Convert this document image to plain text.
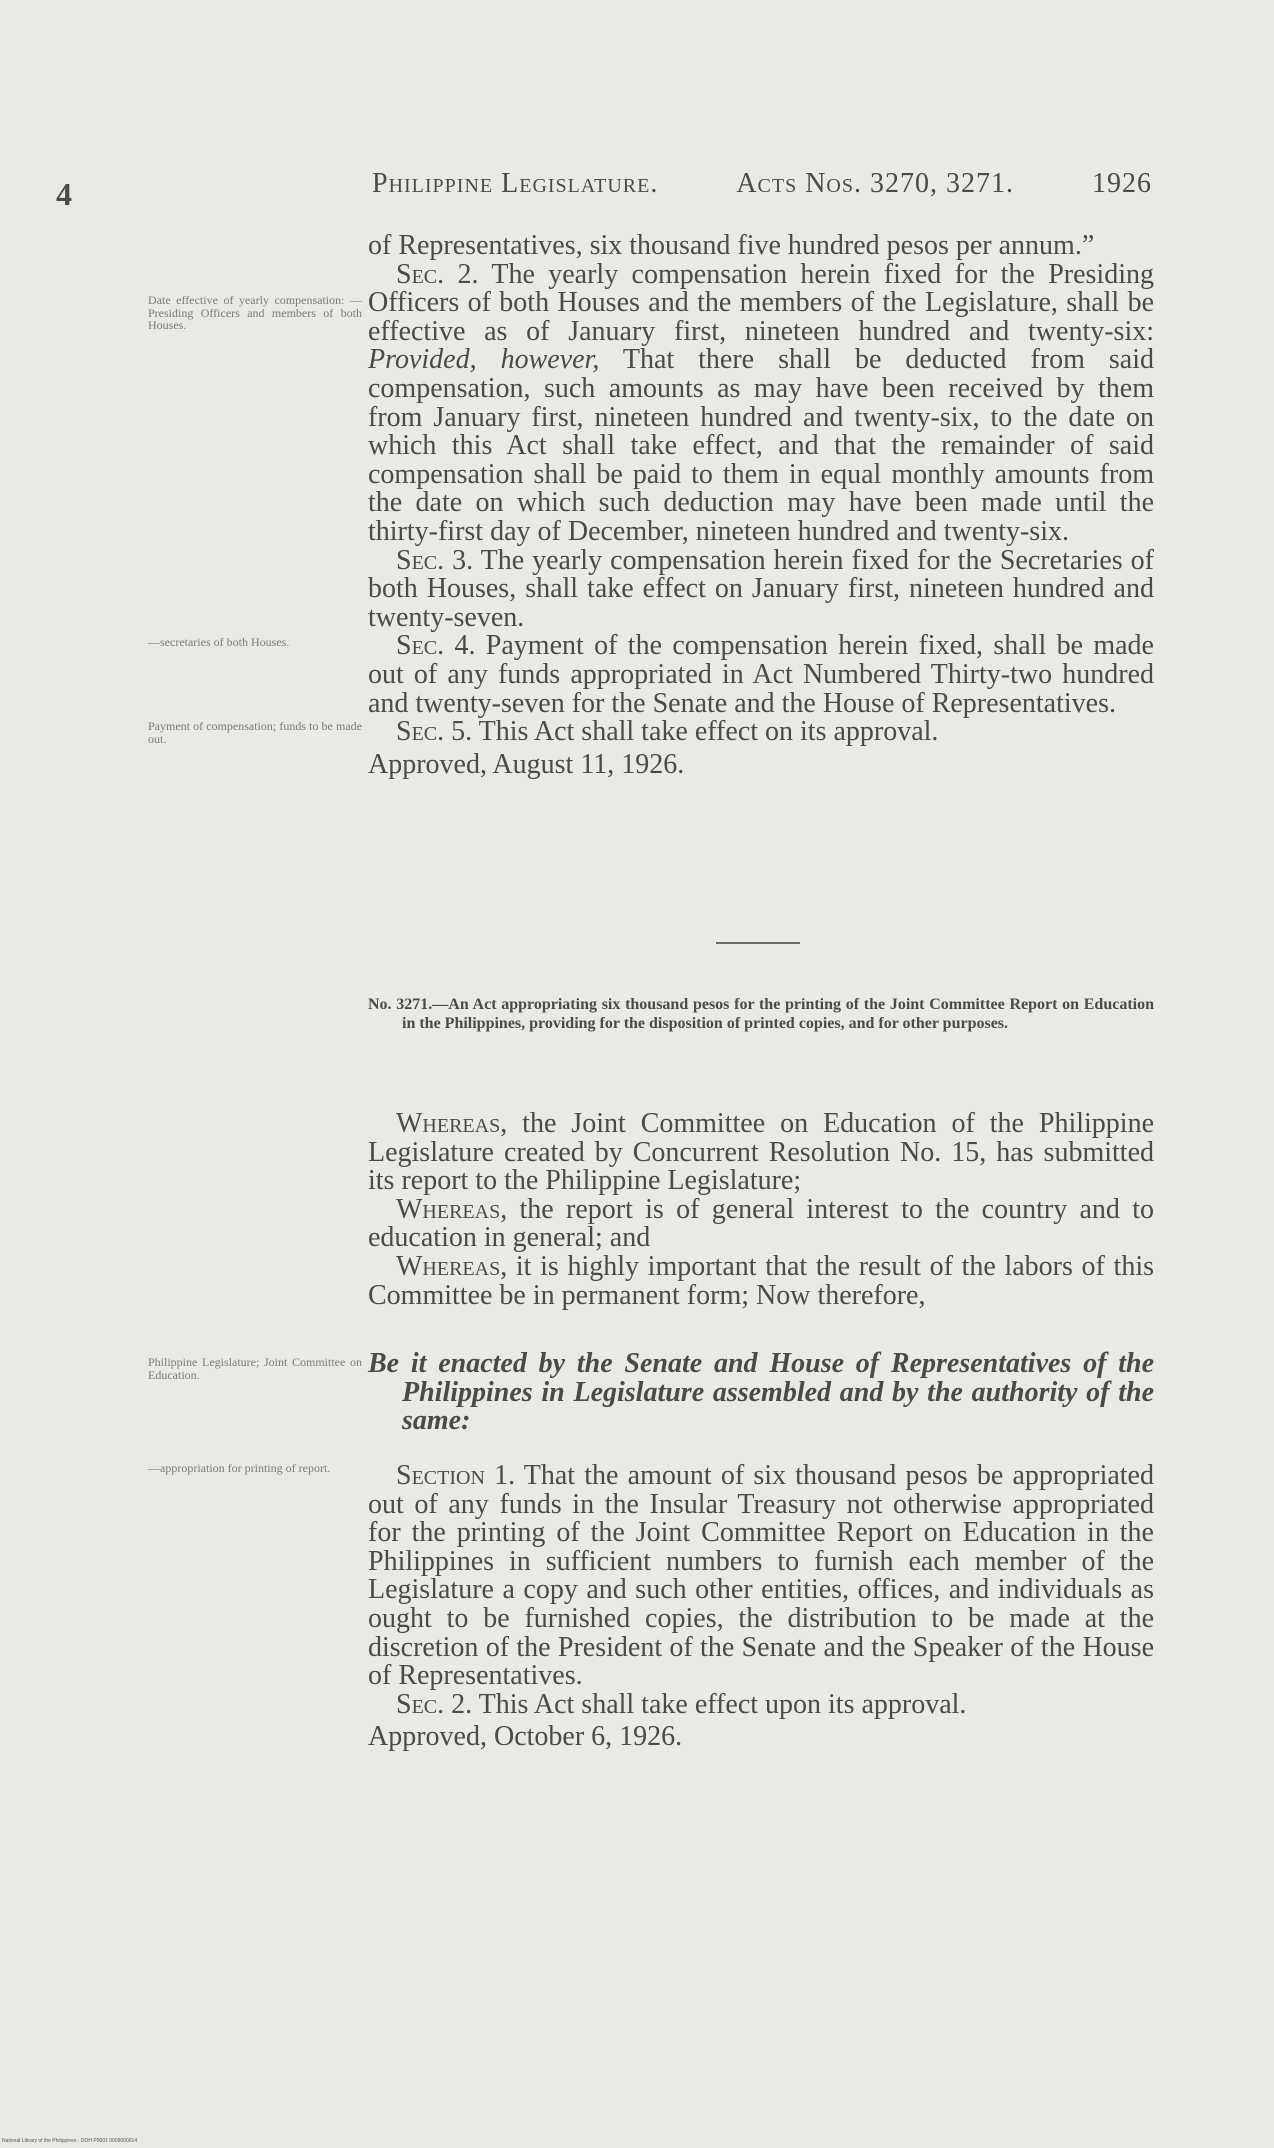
4	Philippine Legislature.	Acts Nos. 3270, 3271.	1926

of Representatives, six thousand five hundred pesos per annum.”

Sec. 2. The yearly compensation herein fixed for the Presiding Officers of both Houses and the members of the Legislature, shall be effective as of January first, nineteen hundred and twenty-six: Provided, however, That there shall be deducted from said compensation, such amounts as may have been received by them from January first, nineteen hundred and twenty-six, to the date on which this Act shall take effect, and that the remainder of said compensation shall be paid to them in equal monthly amounts from the date on which such deduction may have been made until the thirty-first day of December, nineteen hundred and twenty-six.

Sec. 3. The yearly compensation herein fixed for the Secretaries of both Houses, shall take effect on January first, nineteen hundred and twenty-seven.

Sec. 4. Payment of the compensation herein fixed, shall be made out of any funds appropriated in Act Numbered Thirty-two hundred and twenty-seven for the Senate and the House of Representatives.

Sec. 5. This Act shall take effect on its approval.

Approved, August 11, 1926.

Date effective of yearly compensation: —Presiding Officers and members of both Houses.
—secretaries of both Houses.
Payment of compensation; funds to be made out.
No. 3271.—An Act appropriating six thousand pesos for the printing of the Joint Committee Report on Education in the Philippines, providing for the disposition of printed copies, and for other purposes.

Whereas, the Joint Committee on Education of the Philippine Legislature created by Concurrent Resolution No. 15, has submitted its report to the Philippine Legislature;

Whereas, the report is of general interest to the country and to education in general; and

Whereas, it is highly important that the result of the labors of this Committee be in permanent form; Now therefore,

Be it enacted by the Senate and House of Representatives of the Philippines in Legislature assembled and by the authority of the same:

Section 1. That the amount of six thousand pesos be appropriated out of any funds in the Insular Treasury not otherwise appropriated for the printing of the Joint Committee Report on Education in the Philippines in sufficient numbers to furnish each member of the Legislature a copy and such other entities, offices, and individuals as ought to be furnished copies, the distribution to be made at the discretion of the President of the Senate and the Speaker of the House of Representatives.

Sec. 2. This Act shall take effect upon its approval.

Approved, October 6, 1926.

Philippine Legislature; Joint Committee on Education.
—appropriation for printing of report.
National Library of the Philippines · DOH P0001 0009000014
